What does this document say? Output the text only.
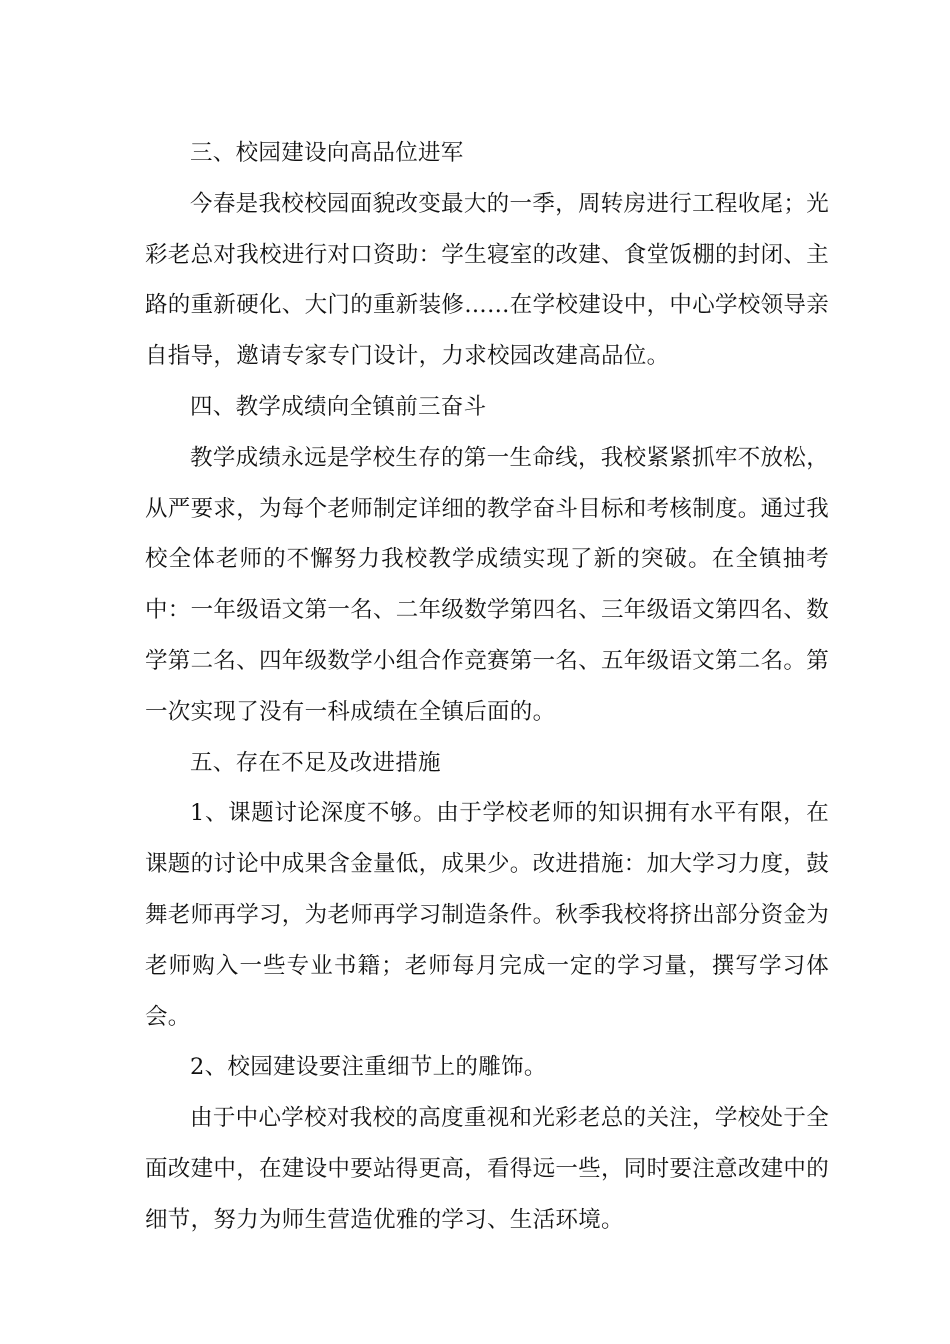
三、校园建设向高品位进军

今春是我校校园面貌改变最大的一季，周转房进行工程收尾；光彩老总对我校进行对口资助：学生寝室的改建、食堂饭棚的封闭、主路的重新硬化、大门的重新装修……在学校建设中，中心学校领导亲自指导，邀请专家专门设计，力求校园改建高品位。

四、教学成绩向全镇前三奋斗

教学成绩永远是学校生存的第一生命线，我校紧紧抓牢不放松，从严要求，为每个老师制定详细的教学奋斗目标和考核制度。通过我校全体老师的不懈努力我校教学成绩实现了新的突破。在全镇抽考中：一年级语文第一名、二年级数学第四名、三年级语文第四名、数学第二名、四年级数学小组合作竞赛第一名、五年级语文第二名。第一次实现了没有一科成绩在全镇后面的。

五、存在不足及改进措施

1、课题讨论深度不够。由于学校老师的知识拥有水平有限，在课题的讨论中成果含金量低，成果少。改进措施：加大学习力度，鼓舞老师再学习，为老师再学习制造条件。秋季我校将挤出部分资金为老师购入一些专业书籍；老师每月完成一定的学习量，撰写学习体会。

2、校园建设要注重细节上的雕饰。

由于中心学校对我校的高度重视和光彩老总的关注，学校处于全面改建中，在建设中要站得更高，看得远一些，同时要注意改建中的细节，努力为师生营造优雅的学习、生活环境。
